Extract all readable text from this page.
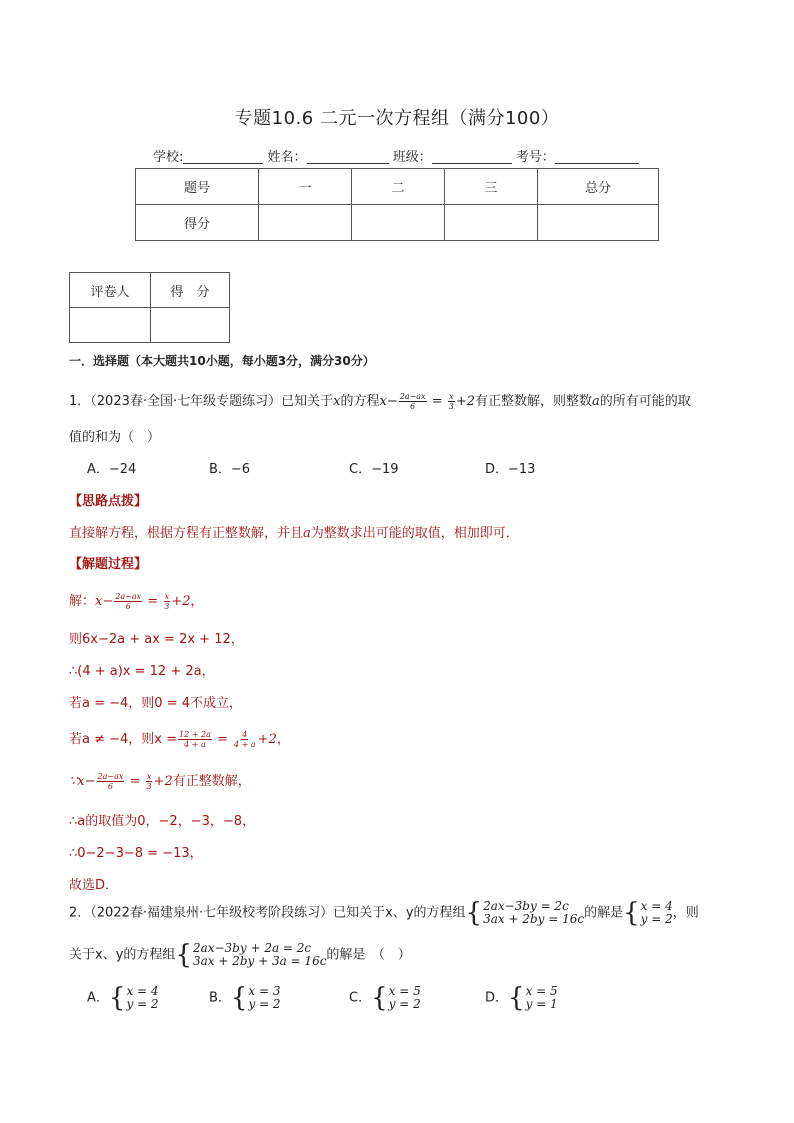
专题10.6 二元一次方程组（满分100）
学校:	姓名：	班级：	考号：
题号	一	二	三	总分
得分				
评卷人	得　分

一．选择题（本大题共10小题，每小题3分，满分30分）
1．（2023春·全国·七年级专题练习）已知关于x的方程$x- \frac{2a-ax}{6} = \frac{x}{3} +2$有正整数解，则整数a的所有可能的取
值的和为（　）
A．−24	B．−6	C．−19	D．−13
【思路点拨】
直接解方程，根据方程有正整数解，并且a为整数求出可能的取值，相加即可．
【解题过程】
解：$x- \frac{2a-ax}{6} = \frac{x}{3} +2$，
则6x−2a + ax = 2x + 12，
∴(4 + a)x = 12 + 2a，
若a = −4，则0 = 4不成立，
若a ≠ −4，则$x = \frac{12 + 2a}{4 + a} = \frac{4}{4 + a} +2$，
∵x− $\frac{2a-ax}{6} = \frac{x}{3} +2$有正整数解，
∴a的取值为0，−2，−3，−8，
∴0−2−3−8 = −13，
故选D．
2．（2022春·福建泉州·七年级校考阶段练习）已知关于x、y的方程组 { 2ax−3by = 2c
3ax + 2by = 16c 的解是 { x = 4
y = 2 ，则
关于x、y的方程组 { 2ax−3by + 2a = 2c
3ax + 2by + 3a = 16c 的解是　（　）
A． { x = 4
y = 2	B． { x = 3
y = 2	C． { x = 5
y = 2	D． { x = 5
y = 1
